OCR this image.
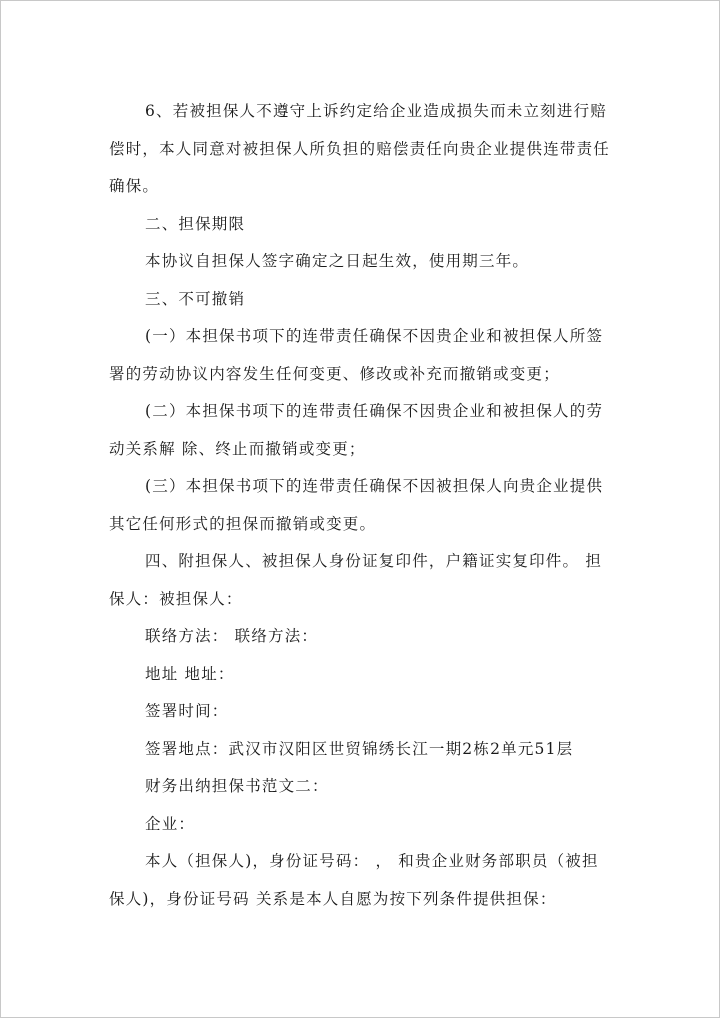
6、若被担保人不遵守上诉约定给企业造成损失而未立刻进行赔偿时，本人同意对被担保人所负担的赔偿责任向贵企业提供连带责任确保。

二、担保期限

本协议自担保人签字确定之日起生效，使用期三年。

三、不可撤销

(一）本担保书项下的连带责任确保不因贵企业和被担保人所签署的劳动协议内容发生任何变更、修改或补充而撤销或变更；

(二）本担保书项下的连带责任确保不因贵企业和被担保人的劳动关系解 除、终止而撤销或变更；

(三）本担保书项下的连带责任确保不因被担保人向贵企业提供其它任何形式的担保而撤销或变更。

四、附担保人、被担保人身份证复印件，户籍证实复印件。 担保人：被担保人：

联络方法： 联络方法：

地址 地址：

签署时间：

签署地点：武汉市汉阳区世贸锦绣长江一期2栋2单元51层

财务出纳担保书范文二：

企业：

本人（担保人)，身份证号码： ， 和贵企业财务部职员（被担保人)，身份证号码 关系是本人自愿为按下列条件提供担保：
